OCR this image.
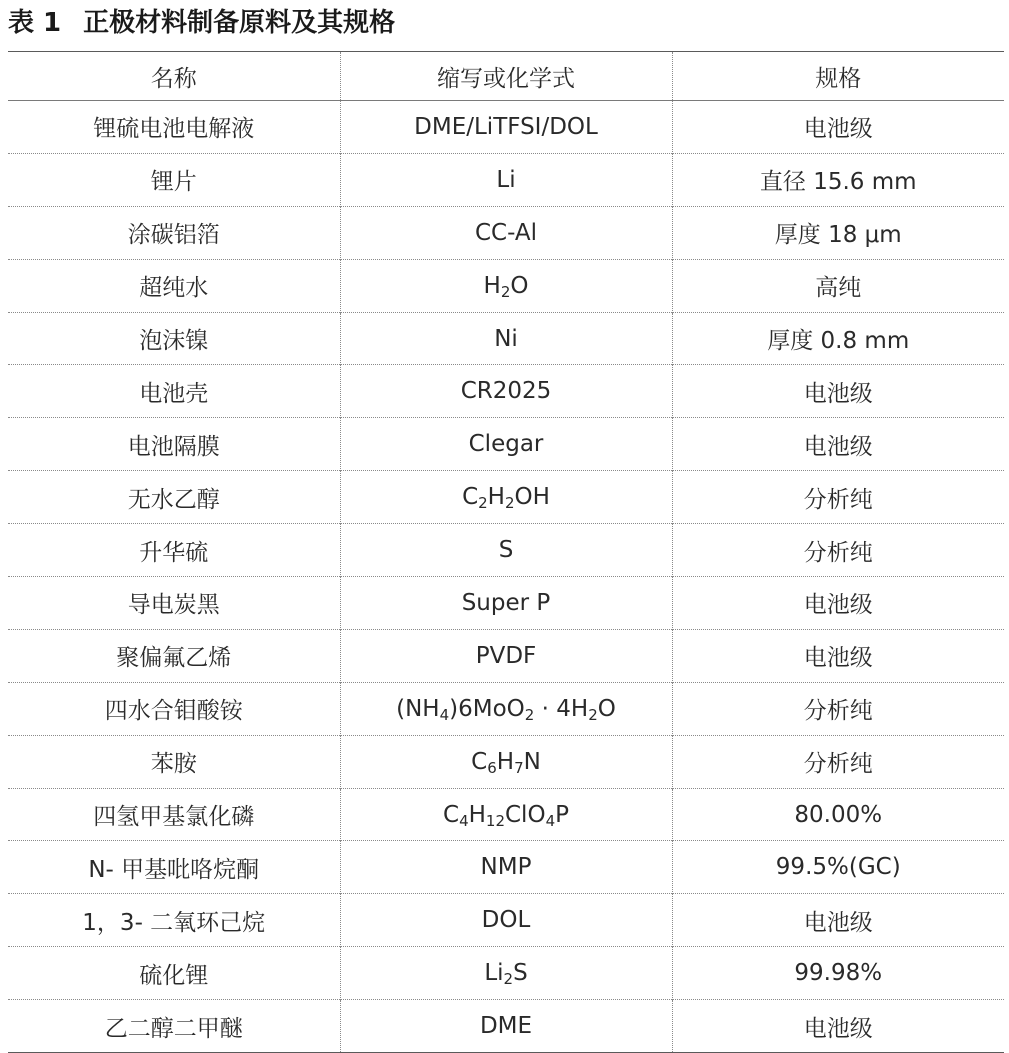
表 1 正极材料制备原料及其规格
名称	缩写或化学式	规格
锂硫电池电解液	DME/LiTFSI/DOL	电池级
锂片	Li	直径 15.6 mm
涂碳铝箔	CC-Al	厚度 18 μm
超纯水	$H_2O$	高纯
泡沫镍	Ni	厚度 0.8 mm
电池壳	CR2025	电池级
电池隔膜	Clegar	电池级
无水乙醇	$C_2H_2OH$	分析纯
升华硫	S	分析纯
导电炭黑	Super P	电池级
聚偏氟乙烯	PVDF	电池级
四水合钼酸铵	$(NH_4)6MoO_2 \cdot 4H_2O$	分析纯
苯胺	$C_6H_7N$	分析纯
四氢甲基氯化磷	$C_4H_{12}ClO_4P$	80.00%
N- 甲基吡咯烷酮	NMP	99.5%(GC)
1，3- 二氧环己烷	DOL	电池级
硫化锂	$Li_2S$	99.98%
乙二醇二甲醚	DME	电池级
